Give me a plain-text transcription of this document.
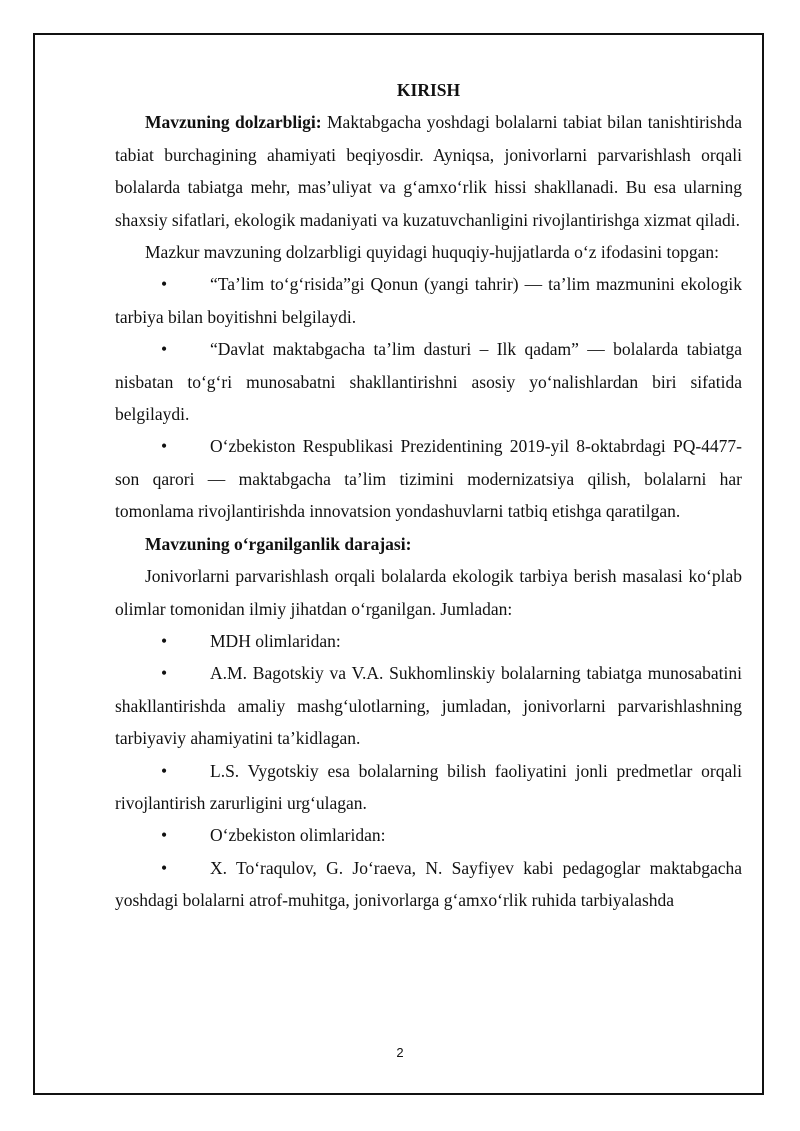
KIRISH

Mavzuning dolzarbligi: Maktabgacha yoshdagi bolalarni tabiat bilan tanishtirishda tabiat burchagining ahamiyati beqiyosdir. Ayniqsa, jonivorlarni parvarishlash orqali bolalarda tabiatga mehr, mas’uliyat va g‘amxo‘rlik hissi shakllanadi. Bu esa ularning shaxsiy sifatlari, ekologik madaniyati va kuzatuvchanligini rivojlantirishga xizmat qiladi.

Mazkur mavzuning dolzarbligi quyidagi huquqiy-hujjatlarda o‘z ifodasini topgan:

• “Ta’lim to‘g‘risida”gi Qonun (yangi tahrir) — ta’lim mazmunini ekologik tarbiya bilan boyitishni belgilaydi.

• “Davlat maktabgacha ta’lim dasturi – Ilk qadam” — bolalarda tabiatga nisbatan to‘g‘ri munosabatni shakllantirishni asosiy yo‘nalishlardan biri sifatida belgilaydi.

• O‘zbekiston Respublikasi Prezidentining 2019-yil 8-oktabrdagi PQ-4477-son qarori — maktabgacha ta’lim tizimini modernizatsiya qilish, bolalarni har tomonlama rivojlantirishda innovatsion yondashuvlarni tatbiq etishga qaratilgan.

Mavzuning o‘rganilganlik darajasi:

Jonivorlarni parvarishlash orqali bolalarda ekologik tarbiya berish masalasi ko‘plab olimlar tomonidan ilmiy jihatdan o‘rganilgan. Jumladan:

• MDH olimlaridan:

• A.M. Bagotskiy va V.A. Sukhomlinskiy bolalarning tabiatga munosabatini shakllantirishda amaliy mashg‘ulotlarning, jumladan, jonivorlarni parvarishlashning tarbiyaviy ahamiyatini ta’kidlagan.

• L.S. Vygotskiy esa bolalarning bilish faoliyatini jonli predmetlar orqali rivojlantirish zarurligini urg‘ulagan.

• O‘zbekiston olimlaridan:

• X. To‘raqulov, G. Jo‘raeva, N. Sayfiyev kabi pedagoglar maktabgacha yoshdagi bolalarni atrof-muhitga, jonivorlarga g‘amxo‘rlik ruhida tarbiyalashda

2
